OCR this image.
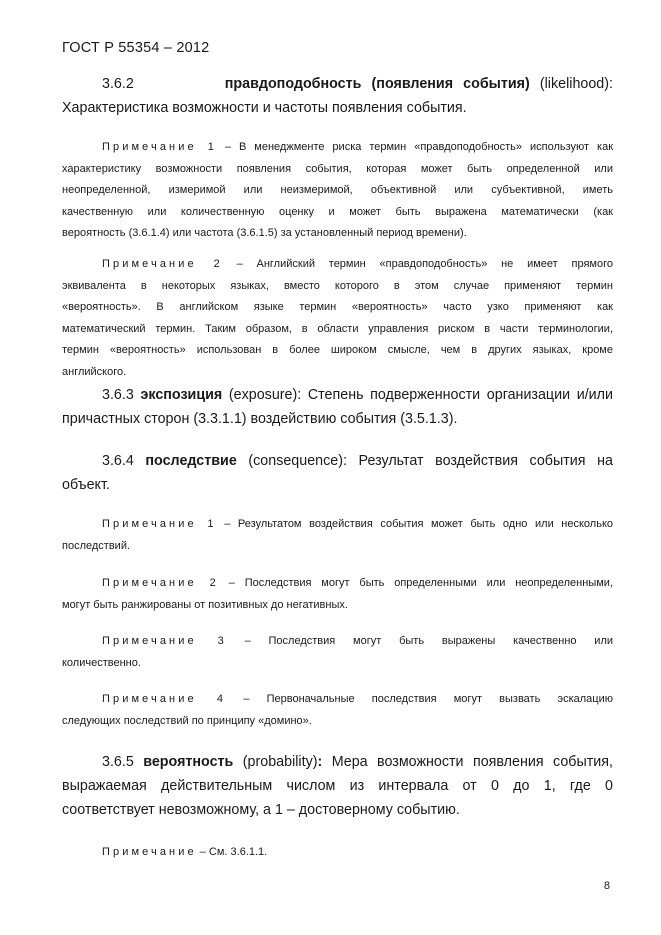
ГОСТ Р 55354 – 2012
3.6.2	правдоподобность (появления события) (likelihood):
Характеристика возможности и частоты появления события.
Примечание 1 – В менеджменте риска термин «правдоподобность» используют как
характеристику возможности появления события, которая может быть определенной или
неопределенной, измеримой или неизмеримой, объективной или субъективной, иметь
качественную или количественную оценку и может быть выражена математически (как
вероятность (3.6.1.4) или частота (3.6.1.5) за установленный период времени).
Примечание 2 – Английский термин «правдоподобность» не имеет прямого
эквивалента в некоторых языках, вместо которого в этом случае применяют термин
«вероятность». В английском языке термин «вероятность» часто узко применяют как
математический термин. Таким образом, в области управления риском в части терминологии,
термин «вероятность» использован в более широком смысле, чем в других языках, кроме
английского.
3.6.3 экспозиция (exposure): Степень подверженности организации и/или
причастных сторон (3.3.1.1) воздействию события (3.5.1.3).
3.6.4 последствие (consequence): Результат воздействия события на
объект.
Примечание 1 – Результатом воздействия события может быть одно или несколько
последствий.
Примечание 2 – Последствия могут быть определенными или неопределенными,
могут быть ранжированы от позитивных до негативных.
Примечание 3 – Последствия могут быть выражены качественно или
количественно.
Примечание 4 – Первоначальные последствия могут вызвать эскалацию
следующих последствий по принципу «домино».
3.6.5 вероятность (probability): Мера возможности появления события,
выражаемая действительным числом из интервала от 0 до 1, где 0
соответствует невозможному, а 1 – достоверному событию.
Примечание – См. 3.6.1.1.
8
